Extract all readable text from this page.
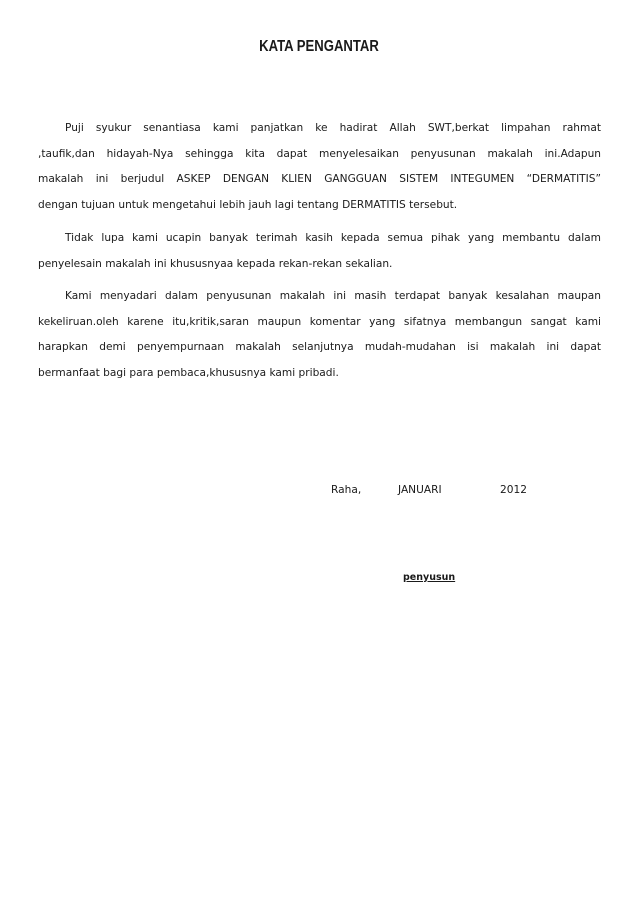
KATA PENGANTAR
Puji syukur senantiasa kami panjatkan ke hadirat Allah SWT,berkat limpahan rahmat
,taufik,dan hidayah-Nya sehingga kita dapat menyelesaikan penyusunan makalah ini.Adapun
makalah ini berjudul ASKEP DENGAN KLIEN GANGGUAN SISTEM INTEGUMEN “DERMATITIS”
dengan tujuan untuk mengetahui lebih jauh lagi tentang DERMATITIS tersebut.
Tidak lupa kami ucapin banyak terimah kasih kepada semua pihak yang membantu dalam
penyelesain makalah ini khususnyaa kepada rekan-rekan sekalian.
Kami menyadari dalam penyusunan makalah ini masih terdapat banyak kesalahan maupan
kekeliruan.oleh karene itu,kritik,saran maupun komentar yang sifatnya membangun sangat kami
harapkan demi penyempurnaan makalah selanjutnya mudah-mudahan isi makalah ini dapat
bermanfaat bagi para pembaca,khususnya kami pribadi.
Raha,	JANUARI	2012
penyusun
